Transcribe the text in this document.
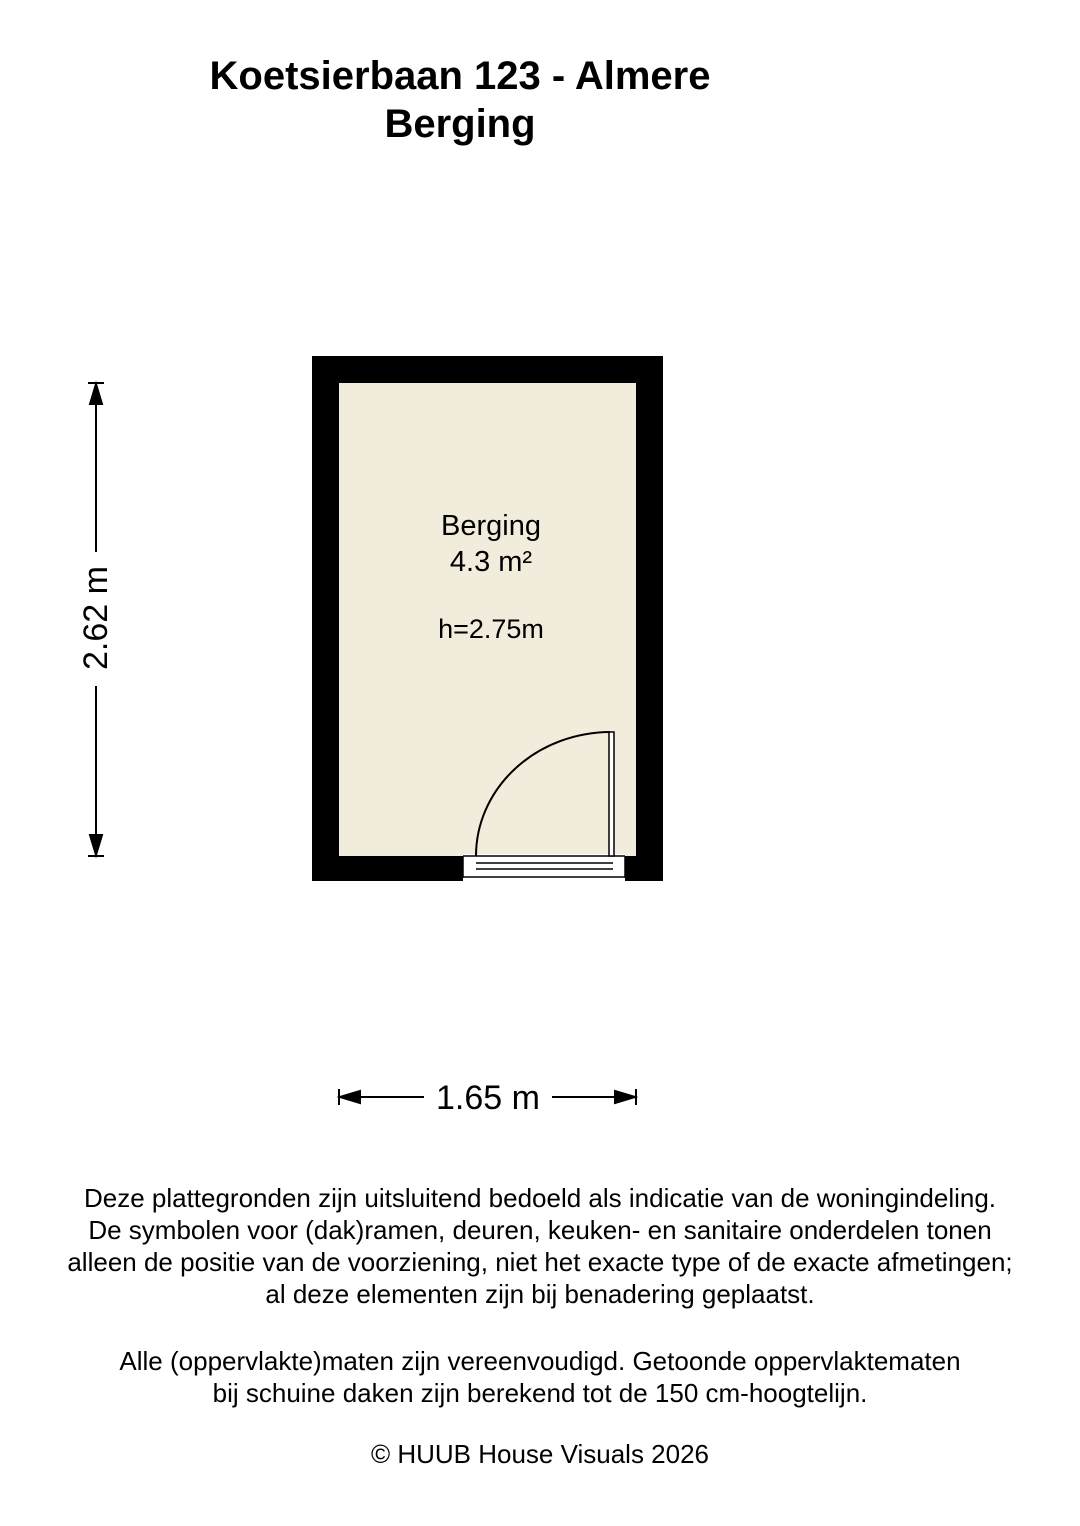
Koetsierbaan 123 - Almere
Berging
Berging
4.3 m²
h=2.75m
1.65 m
2.62 m
Deze plattegronden zijn uitsluitend bedoeld als indicatie van de woningindeling.
De symbolen voor (dak)ramen, deuren, keuken- en sanitaire onderdelen tonen
alleen de positie van de voorziening, niet het exacte type of de exacte afmetingen;
al deze elementen zijn bij benadering geplaatst.
Alle (oppervlakte)maten zijn vereenvoudigd. Getoonde oppervlaktematen
bij schuine daken zijn berekend tot de 150 cm-hoogtelijn.
© HUUB House Visuals 2026
